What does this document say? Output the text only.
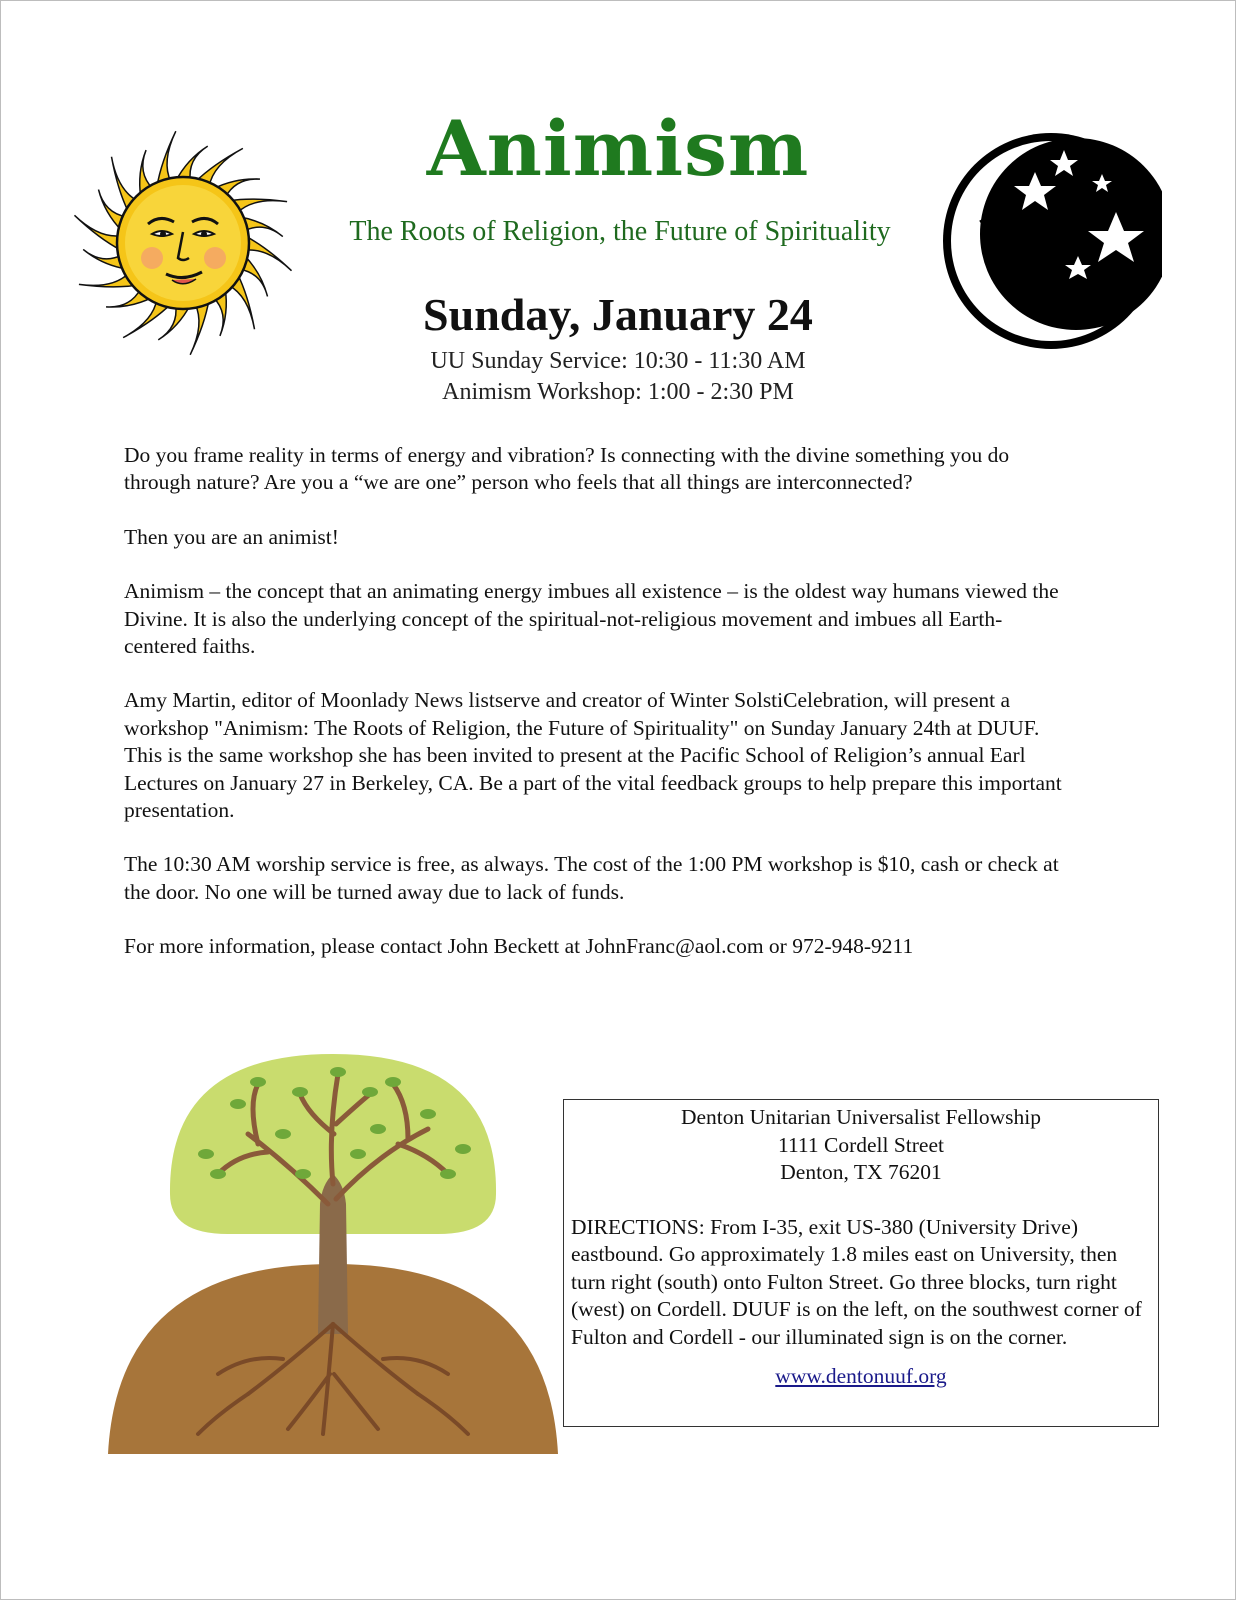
Animism
The Roots of Religion, the Future of Spirituality
Sunday, January 24
UU Sunday Service: 10:30 - 11:30 AM
Animism Workshop: 1:00 - 2:30 PM

Do you frame reality in terms of energy and vibration? Is connecting with the divine something you do through nature? Are you a “we are one” person who feels that all things are interconnected?

Then you are an animist!

Animism – the concept that an animating energy imbues all existence – is the oldest way humans viewed the Divine. It is also the underlying concept of the spiritual-not-religious movement and imbues all Earth-centered faiths.

Amy Martin, editor of Moonlady News listserve and creator of Winter SolstiCelebration, will present a workshop "Animism: The Roots of Religion, the Future of Spirituality" on Sunday January 24th at DUUF. This is the same workshop she has been invited to present at the Pacific School of Religion’s annual Earl Lectures on January 27 in Berkeley, CA. Be a part of the vital feedback groups to help prepare this important presentation.

The 10:30 AM worship service is free, as always. The cost of the 1:00 PM workshop is $10, cash or check at the door. No one will be turned away due to lack of funds.

For more information, please contact John Beckett at JohnFranc@aol.com or 972-948-9211

Denton Unitarian Universalist Fellowship
1111 Cordell Street
Denton, TX 76201
DIRECTIONS: From I-35, exit US-380 (University Drive) eastbound. Go approximately 1.8 miles east on University, then turn right (south) onto Fulton Street. Go three blocks, turn right (west) on Cordell. DUUF is on the left, on the southwest corner of Fulton and Cordell - our illuminated sign is on the corner.
www.dentonuuf.org
